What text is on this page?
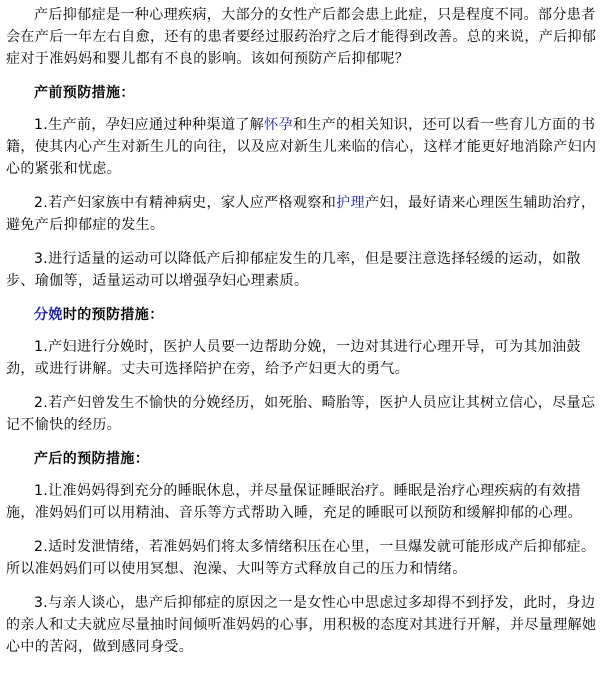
产后抑郁症是一种心理疾病，大部分的女性产后都会患上此症，只是程度不同。部分患者会在产后一年左右自愈，还有的患者要经过服药治疗之后才能得到改善。总的来说，产后抑郁症对于准妈妈和婴儿都有不良的影响。该如何预防产后抑郁呢？

产前预防措施：

1.生产前，孕妇应通过种种渠道了解怀孕和生产的相关知识，还可以看一些育儿方面的书籍，使其内心产生对新生儿的向往，以及应对新生儿来临的信心，这样才能更好地消除产妇内心的紧张和忧虑。

2.若产妇家族中有精神病史，家人应严格观察和护理产妇，最好请来心理医生辅助治疗，避免产后抑郁症的发生。

3.进行适量的运动可以降低产后抑郁症发生的几率，但是要注意选择轻缓的运动，如散步、瑜伽等，适量运动可以增强孕妇心理素质。

分娩时的预防措施：

1.产妇进行分娩时，医护人员要一边帮助分娩，一边对其进行心理开导，可为其加油鼓劲，或进行讲解。丈夫可选择陪护在旁，给予产妇更大的勇气。

2.若产妇曾发生不愉快的分娩经历，如死胎、畸胎等，医护人员应让其树立信心，尽量忘记不愉快的经历。

产后的预防措施：

1.让准妈妈得到充分的睡眠休息，并尽量保证睡眠治疗。睡眠是治疗心理疾病的有效措施，准妈妈们可以用精油、音乐等方式帮助入睡，充足的睡眠可以预防和缓解抑郁的心理。

2.适时发泄情绪，若准妈妈们将太多情绪积压在心里，一旦爆发就可能形成产后抑郁症。所以准妈妈们可以使用冥想、泡澡、大叫等方式释放自己的压力和情绪。

3.与亲人谈心，患产后抑郁症的原因之一是女性心中思虑过多却得不到抒发，此时，身边的亲人和丈夫就应尽量抽时间倾听准妈妈的心事，用积极的态度对其进行开解，并尽量理解她心中的苦闷，做到感同身受。
